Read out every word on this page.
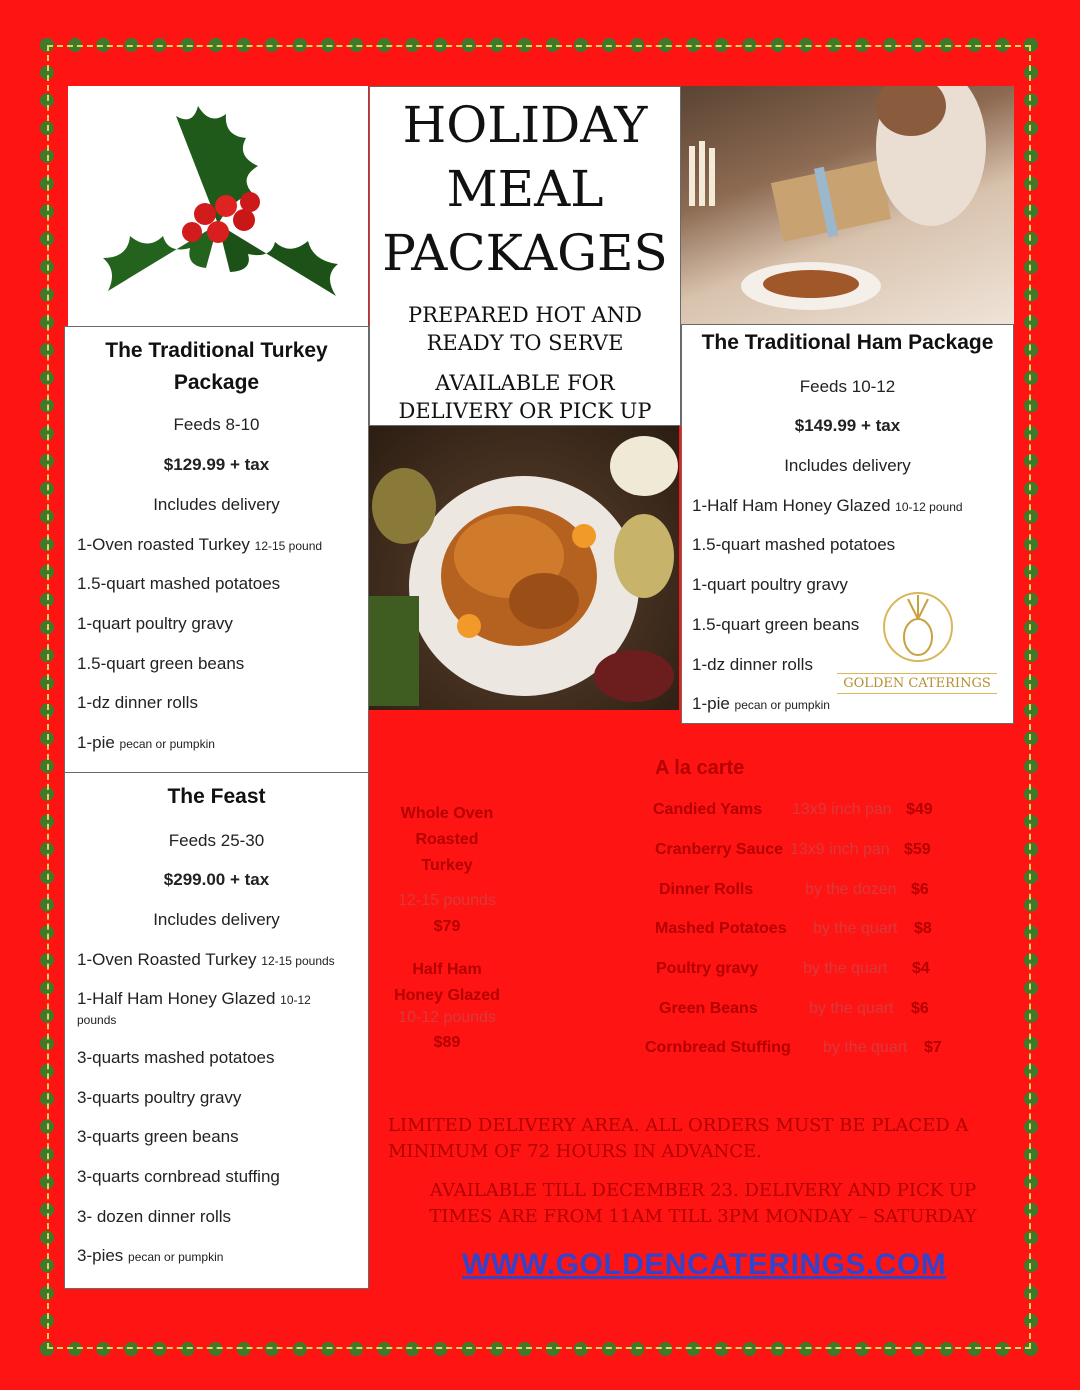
HOLIDAY
MEAL
PACKAGES
PREPARED HOT AND
READY TO SERVE
AVAILABLE FOR
DELIVERY OR PICK UP
The Traditional Turkey
Package
Feeds 8-10
$129.99 + tax
Includes delivery
1-Oven roasted Turkey 12-15 pound
1.5-quart mashed potatoes
1-quart poultry gravy
1.5-quart green beans
1-dz dinner rolls
1-pie pecan or pumpkin
The Feast
Feeds 25-30
$299.00 + tax
Includes delivery
1-Oven Roasted Turkey 12-15 pounds
1-Half Ham Honey Glazed 10-12
pounds
3-quarts mashed potatoes
3-quarts poultry gravy
3-quarts green beans
3-quarts cornbread stuffing
3- dozen dinner rolls
3-pies pecan or pumpkin
The Traditional Ham Package
Feeds 10-12
$149.99 + tax
Includes delivery
1-Half Ham Honey Glazed 10-12 pound
1.5-quart mashed potatoes
1-quart poultry gravy
1.5-quart green beans
1-dz dinner rolls
1-pie pecan or pumpkin
GOLDEN CATERINGS
Whole Oven
Roasted
Turkey
12-15 pounds
$79
Half Ham
Honey Glazed
10-12 pounds
$89
A la carte
Candied Yams 13x9 inch pan $49
Cranberry Sauce 13x9 inch pan $59
Dinner Rolls	by the dozen $6
Mashed Potatoes by the quart $8
Poultry gravy	by the quart $4
Green Beans	by the quart $6
Cornbread Stuffing by the quart $7
LIMITED DELIVERY AREA. ALL ORDERS MUST BE PLACED A
MINIMUM OF 72 HOURS IN ADVANCE.
AVAILABLE TILL DECEMBER 23. DELIVERY AND PICK UP
TIMES ARE FROM 11AM TILL 3PM MONDAY – SATURDAY
WWW.GOLDENCATERINGS.COM
